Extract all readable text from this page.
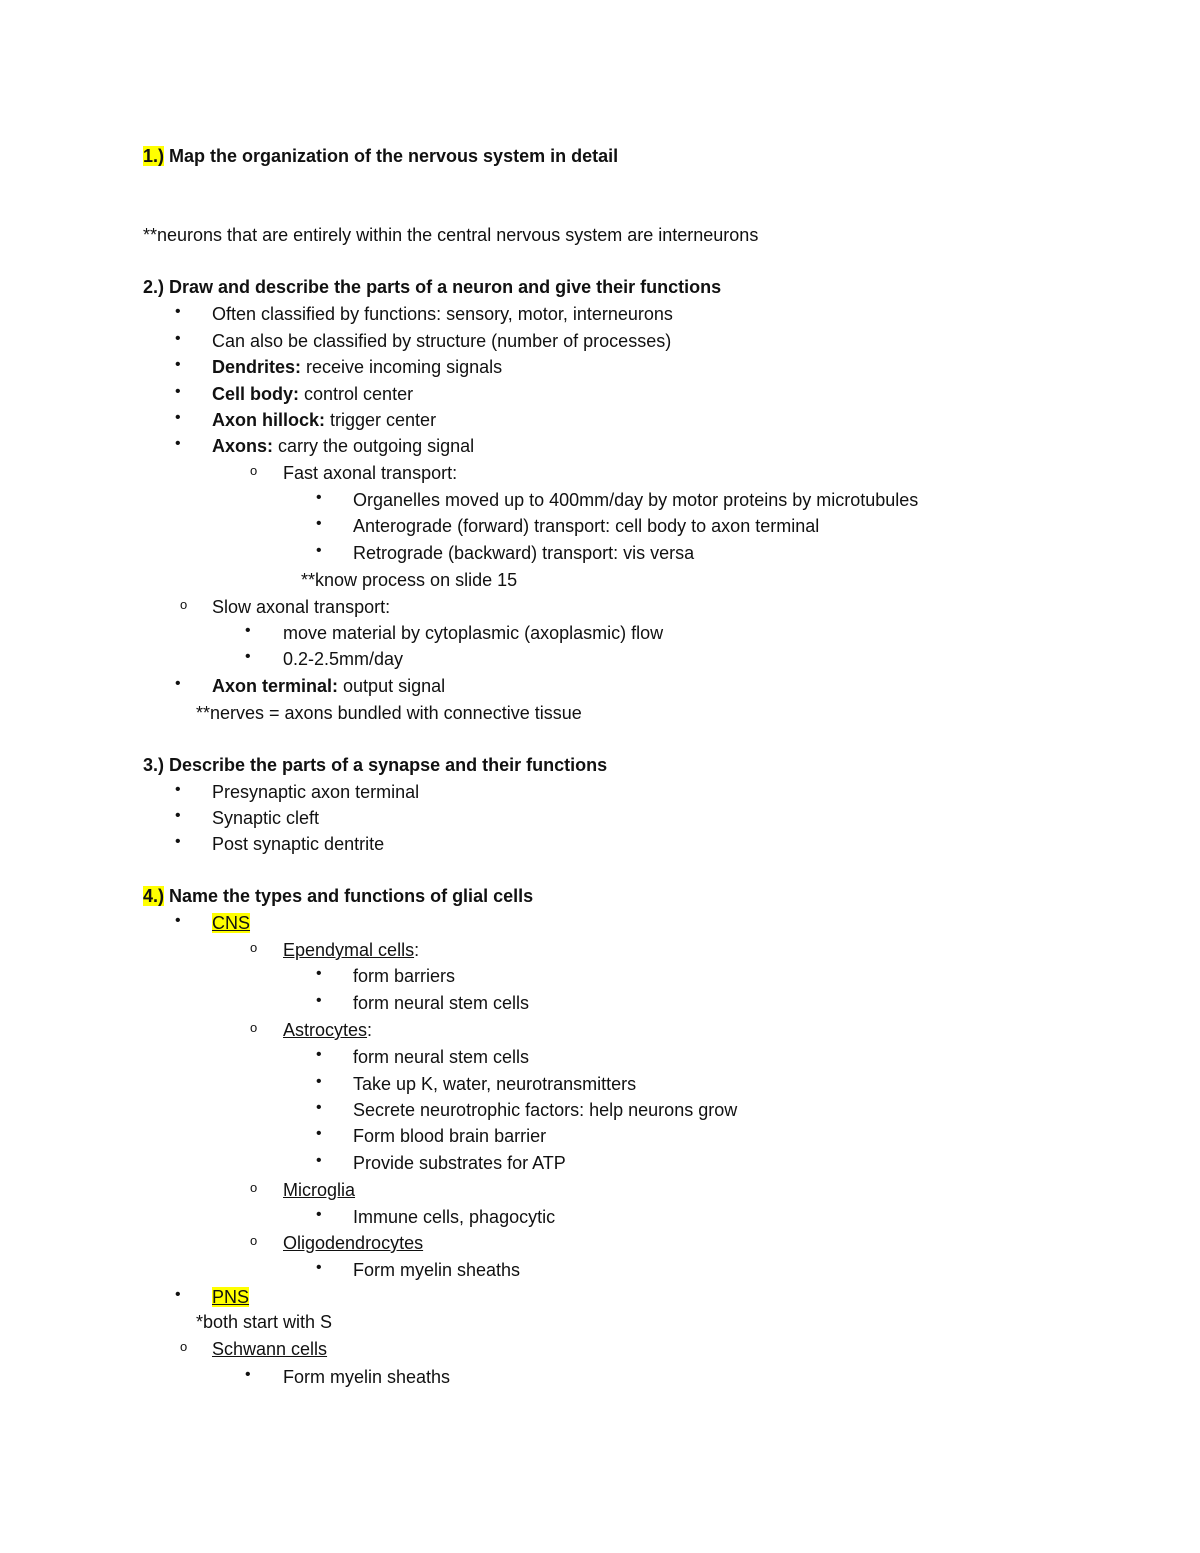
1.) Map the organization of the nervous system in detail
**neurons that are entirely within the central nervous system are interneurons
2.) Draw and describe the parts of a neuron and give their functions
• Often classified by functions: sensory, motor, interneurons
• Can also be classified by structure (number of processes)
• Dendrites: receive incoming signals
• Cell body: control center
• Axon hillock: trigger center
• Axons: carry the outgoing signal
o Fast axonal transport:
• Organelles moved up to 400mm/day by motor proteins by microtubules
• Anterograde (forward) transport: cell body to axon terminal
• Retrograde (backward) transport: vis versa
**know process on slide 15
o Slow axonal transport:
• move material by cytoplasmic (axoplasmic) flow
• 0.2-2.5mm/day
• Axon terminal: output signal
**nerves = axons bundled with connective tissue
3.) Describe the parts of a synapse and their functions
• Presynaptic axon terminal
• Synaptic cleft
• Post synaptic dentrite
4.) Name the types and functions of glial cells
• CNS
o Ependymal cells:
• form barriers
• form neural stem cells
o Astrocytes:
• form neural stem cells
• Take up K, water, neurotransmitters
• Secrete neurotrophic factors: help neurons grow
• Form blood brain barrier
• Provide substrates for ATP
o Microglia
• Immune cells, phagocytic
o Oligodendrocytes
• Form myelin sheaths
• PNS
*both start with S
o Schwann cells
• Form myelin sheaths
